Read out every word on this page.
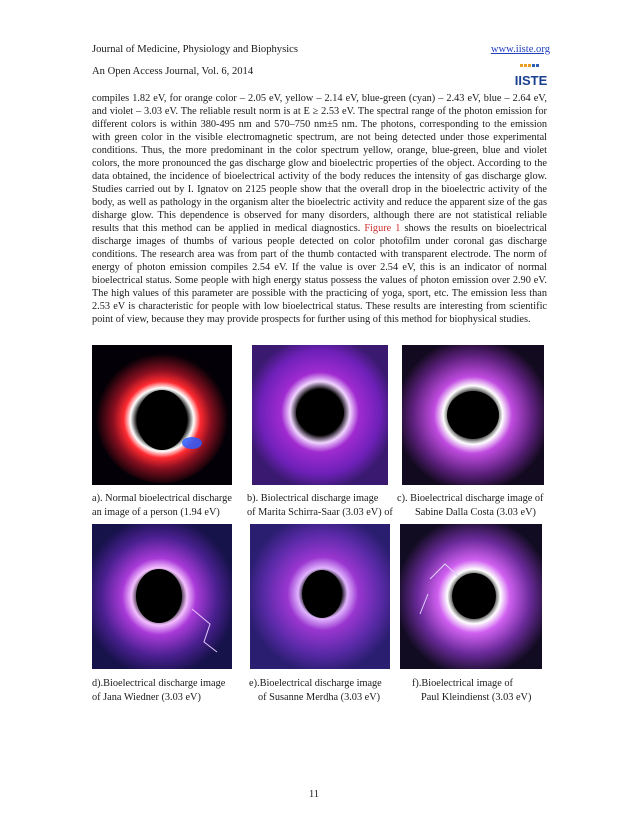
Journal of Medicine, Physiology and Biophysics	www.iiste.org
An Open Access Journal, Vol. 6, 2014
IISTE
compiles 1.82 eV, for orange color – 2.05 eV, yellow – 2.14 eV, blue-green (cyan) – 2.43 eV, blue – 2.64 eV, and violet – 3.03 eV. The reliable result norm is at E ≥ 2.53 eV. The spectral range of the photon emission for different colors is within 380-495 nm and 570–750 nm±5 nm. The photons, corresponding to the emission with green color in the visible electromagnetic spectrum, are not being detected under those experimental conditions. Thus, the more predominant in the color spectrum yellow, orange, blue-green, blue and violet colors, the more pronounced the gas discharge glow and bioelectric properties of the object. According to the data obtained, the incidence of bioelectrical activity of the body reduces the intensity of gas discharge glow. Studies carried out by I. Ignatov on 2125 people show that the overall drop in the bioelectric activity of the body, as well as pathology in the organism alter the bioelectric activity and reduce the apparent size of the gas disharge glow. This dependence is observed for many disorders, although there are not statistical reliable results that this method can be applied in medical diagnostics. Figure 1 shows the results on bioelectrical discharge images of thumbs of various people detected on color photofilm under coronal gas discharge conditions. The research area was from part of the thumb contacted with transparent electrode. The norm of energy of photon emission compiles 2.54 eV. If the value is over 2.54 eV, this is an indicator of normal bioelectrical status. Some people with high energy status possess the values of photon emission over 2.90 eV. The high values of this parameter are possible with the practicing of yoga, sport, etc. The emission less than 2.53 eV is characteristic for people with low bioelectrical status. These results are interesting from scientific point of view, because they may provide prospects for further using of this method for biophysical studies.
a). Normal bioelectrical discharge
an image of a person (1.94 eV)
b). Biolectrical discharge image
of Marita Schirra-Saar (3.03 eV) of
c). Bioelectrical discharge image of
Sabine Dalla Costa (3.03 eV)
d).Bioelectrical discharge image
of Jana Wiedner (3.03 eV)
e).Bioelectrical discharge image
of Susanne Merdha (3.03 eV)
f).Bioelectrical image of
Paul Kleindienst (3.03 eV)
11
